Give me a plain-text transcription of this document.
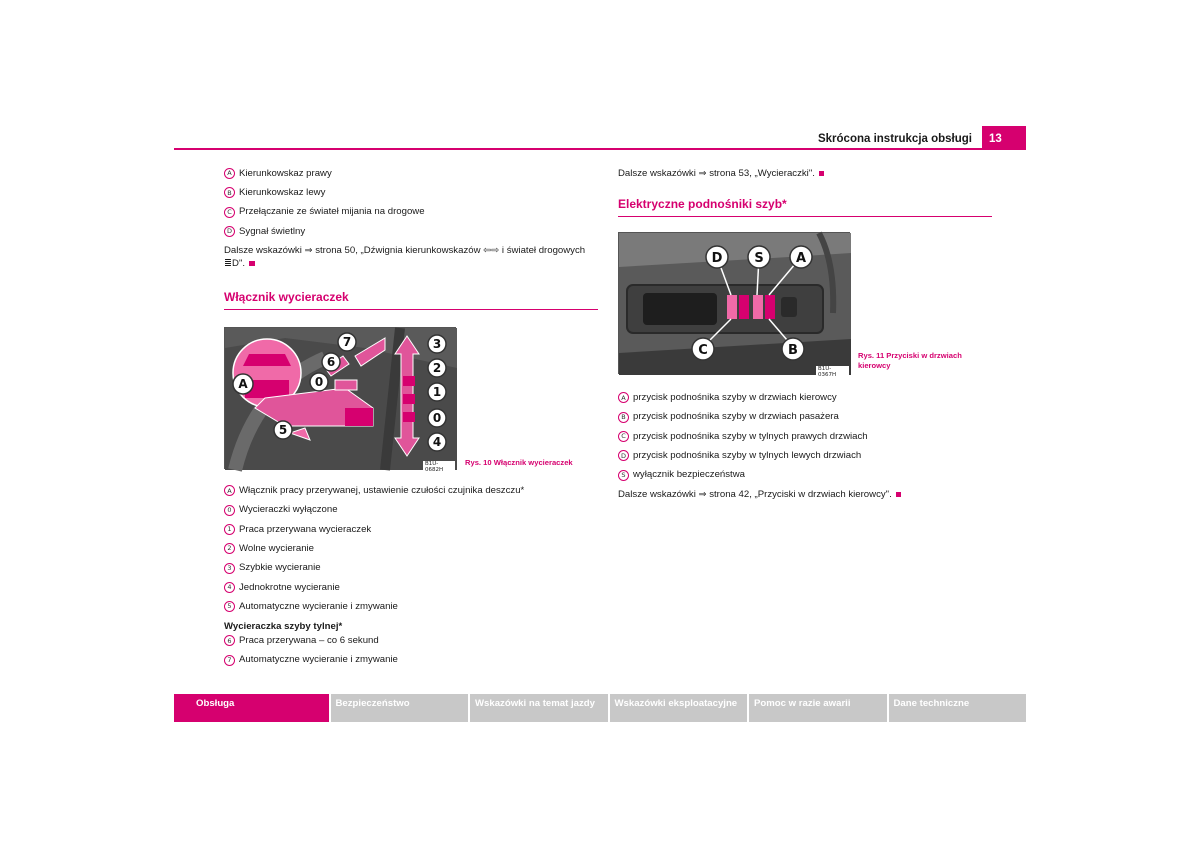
Skrócona instrukcja obsługi	13
A Kierunkowskaz prawy
B Kierunkowskaz lewy
C Przełączanie ze świateł mijania na drogowe
D Sygnał świetlny
Dalsze wskazówki ⇒ strona 50, „Dźwignia kierunkowskazów ⇦⇨ i świateł drogowych ≣D".
Włącznik wycieraczek
7
6
0
A
5
3
2
1
0
4
B1U-0682H
Rys. 10 Włącznik wycieraczek
A Włącznik pracy przerywanej, ustawienie czułości czujnika deszczu*
0 Wycieraczki wyłączone
1 Praca przerywana wycieraczek
2 Wolne wycieranie
3 Szybkie wycieranie
4 Jednokrotne wycieranie
5 Automatyczne wycieranie i zmywanie
Wycieraczka szyby tylnej*
6 Praca przerywana – co 6 sekund
7 Automatyczne wycieranie i zmywanie
Dalsze wskazówki ⇒ strona 53, „Wycieraczki".
Elektryczne podnośniki szyb*
D S A
C	B
B1U-0367H
Rys. 11 Przyciski w drzwiach kierowcy
A przycisk podnośnika szyby w drzwiach kierowcy
B przycisk podnośnika szyby w drzwiach pasażera
C przycisk podnośnika szyby w tylnych prawych drzwiach
D przycisk podnośnika szyby w tylnych lewych drzwiach
S wyłącznik bezpieczeństwa
Dalsze wskazówki ⇒ strona 42, „Przyciski w drzwiach kierowcy".
Obsługa	Bezpieczeństwo	Wskazówki na temat jazdy	Wskazówki eksploatacyjne	Pomoc w razie awarii	Dane techniczne
